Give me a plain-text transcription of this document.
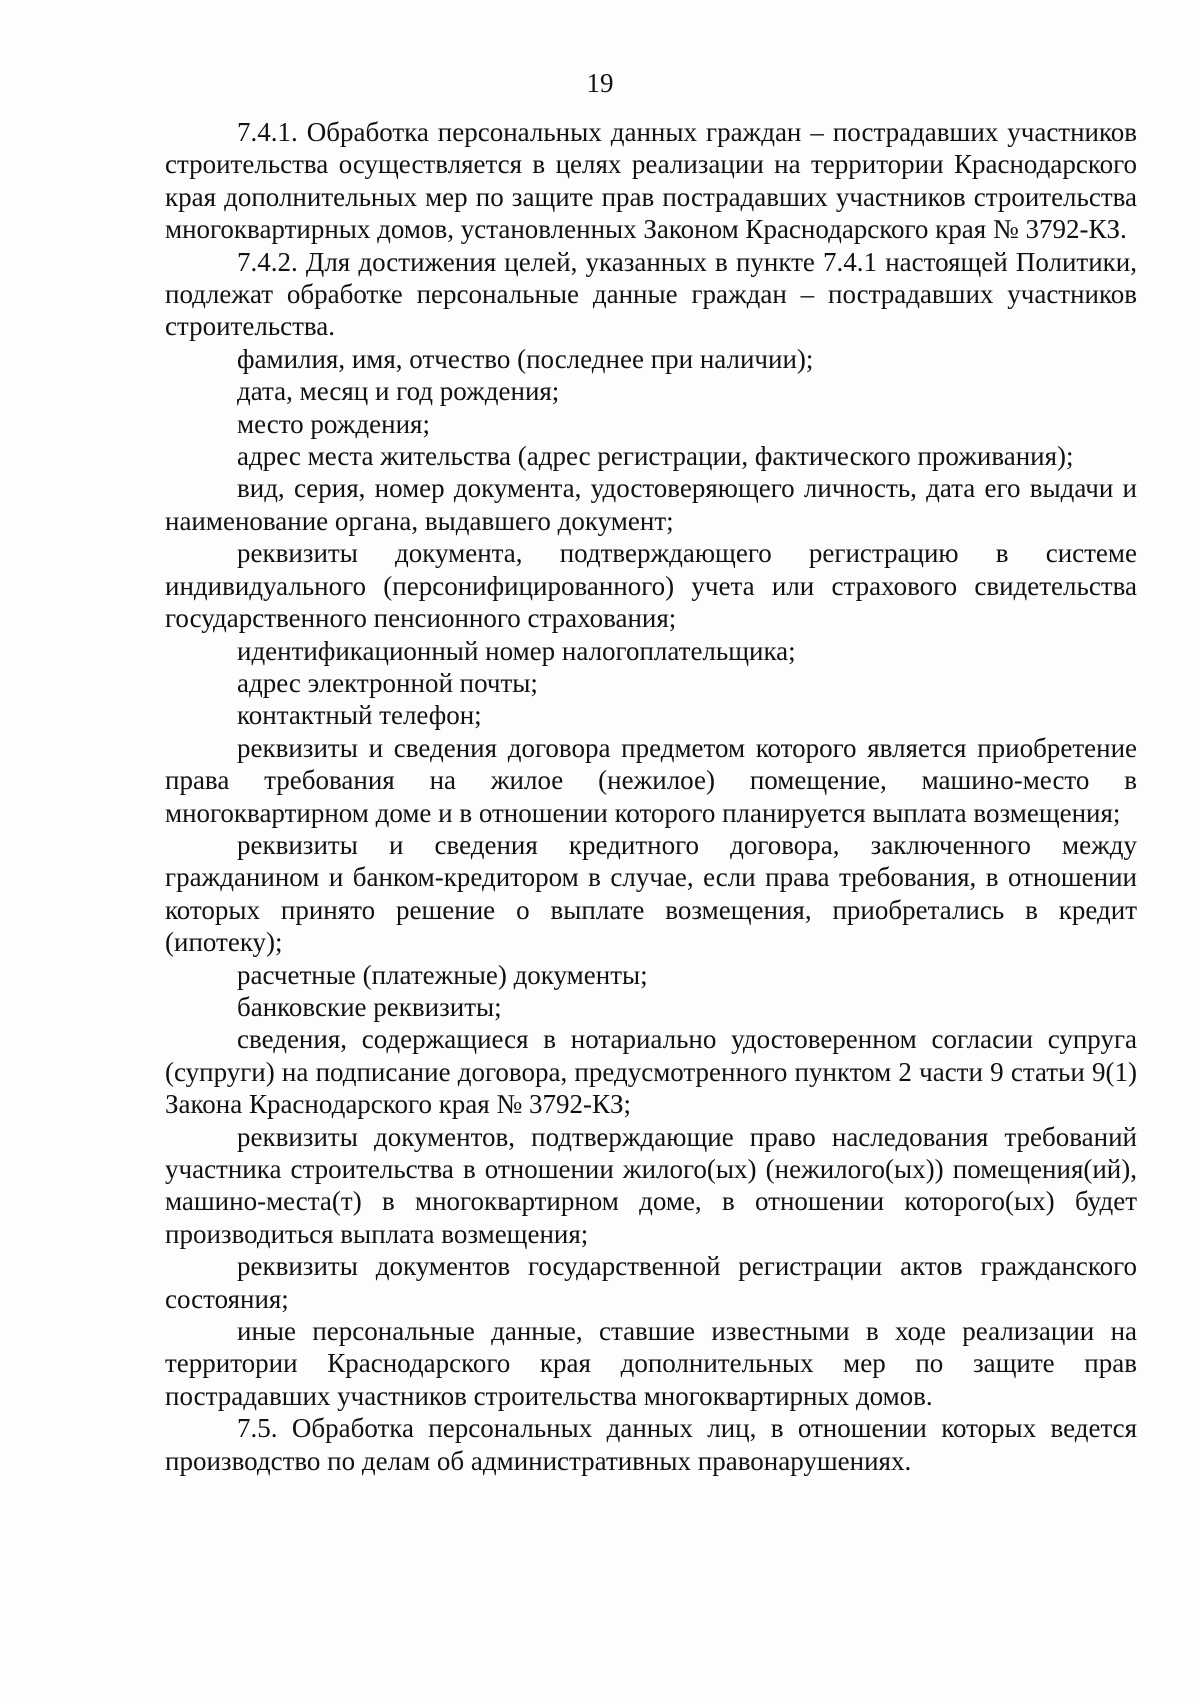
19

7.4.1. Обработка персональных данных граждан – пострадавших участников строительства осуществляется в целях реализации на территории Краснодарского края дополнительных мер по защите прав пострадавших участников строительства многоквартирных домов, установленных Законом Краснодарского края № 3792-КЗ.

7.4.2. Для достижения целей, указанных в пункте 7.4.1 настоящей Политики, подлежат обработке персональные данные граждан – пострадавших участников строительства.

фамилия, имя, отчество (последнее при наличии);

дата, месяц и год рождения;

место рождения;

адрес места жительства (адрес регистрации, фактического проживания);

вид, серия, номер документа, удостоверяющего личность, дата его выдачи и наименование органа, выдавшего документ;

реквизиты документа, подтверждающего регистрацию в системе индивидуального (персонифицированного) учета или страхового свидетельства государственного пенсионного страхования;

идентификационный номер налогоплательщика;

адрес электронной почты;

контактный телефон;

реквизиты и сведения договора предметом которого является приобретение права требования на жилое (нежилое) помещение, машино-место в многоквартирном доме и в отношении которого планируется выплата возмещения;

реквизиты и сведения кредитного договора, заключенного между гражданином и банком-кредитором в случае, если права требования, в отношении которых принято решение о выплате возмещения, приобретались в кредит (ипотеку);

расчетные (платежные) документы;

банковские реквизиты;

сведения, содержащиеся в нотариально удостоверенном согласии супруга (супруги) на подписание договора, предусмотренного пунктом 2 части 9 статьи 9(1) Закона Краснодарского края № 3792-КЗ;

реквизиты документов, подтверждающие право наследования требований участника строительства в отношении жилого(ых) (нежилого(ых)) помещения(ий), машино-места(т) в многоквартирном доме, в отношении которого(ых) будет производиться выплата возмещения;

реквизиты документов государственной регистрации актов гражданского состояния;

иные персональные данные, ставшие известными в ходе реализации на территории Краснодарского края дополнительных мер по защите прав пострадавших участников строительства многоквартирных домов.

7.5. Обработка персональных данных лиц, в отношении которых ведется производство по делам об административных правонарушениях.
